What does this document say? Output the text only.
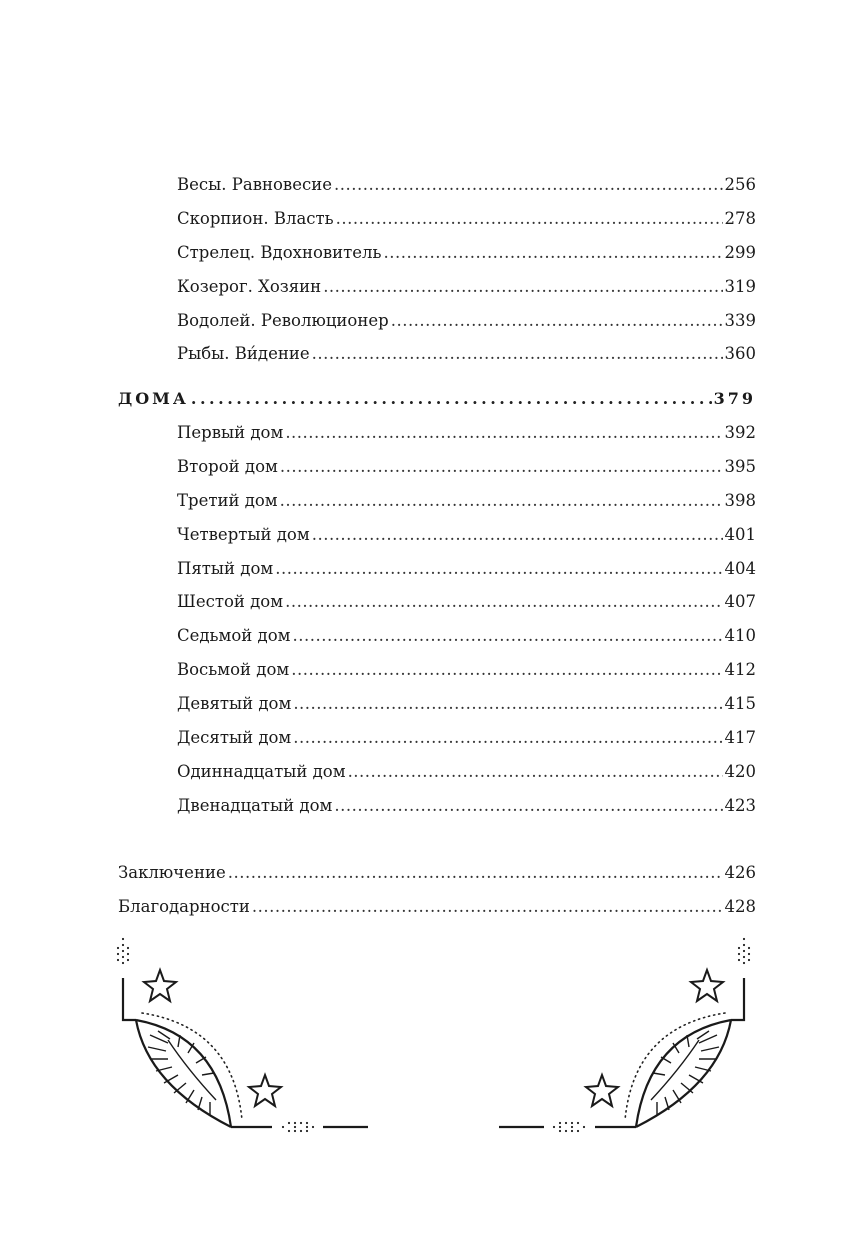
Весы. Равновесие .....	256
Скорпион. Власть .....	278
Стрелец. Вдохновитель .....	299
Козерог. Хозяин .....	319
Водолей. Революционер .....	339
Рыбы. Ви́дение .....	360
ДОМА .....	379
Первый дом .....	392
Второй дом .....	395
Третий дом .....	398
Четвертый дом .....	401
Пятый дом .....	404
Шестой дом .....	407
Седьмой дом .....	410
Восьмой дом .....	412
Девятый дом .....	415
Десятый дом .....	417
Одиннадцатый дом .....	420
Двенадцатый дом .....	423
Заключение .....	426
Благодарности .....	428
